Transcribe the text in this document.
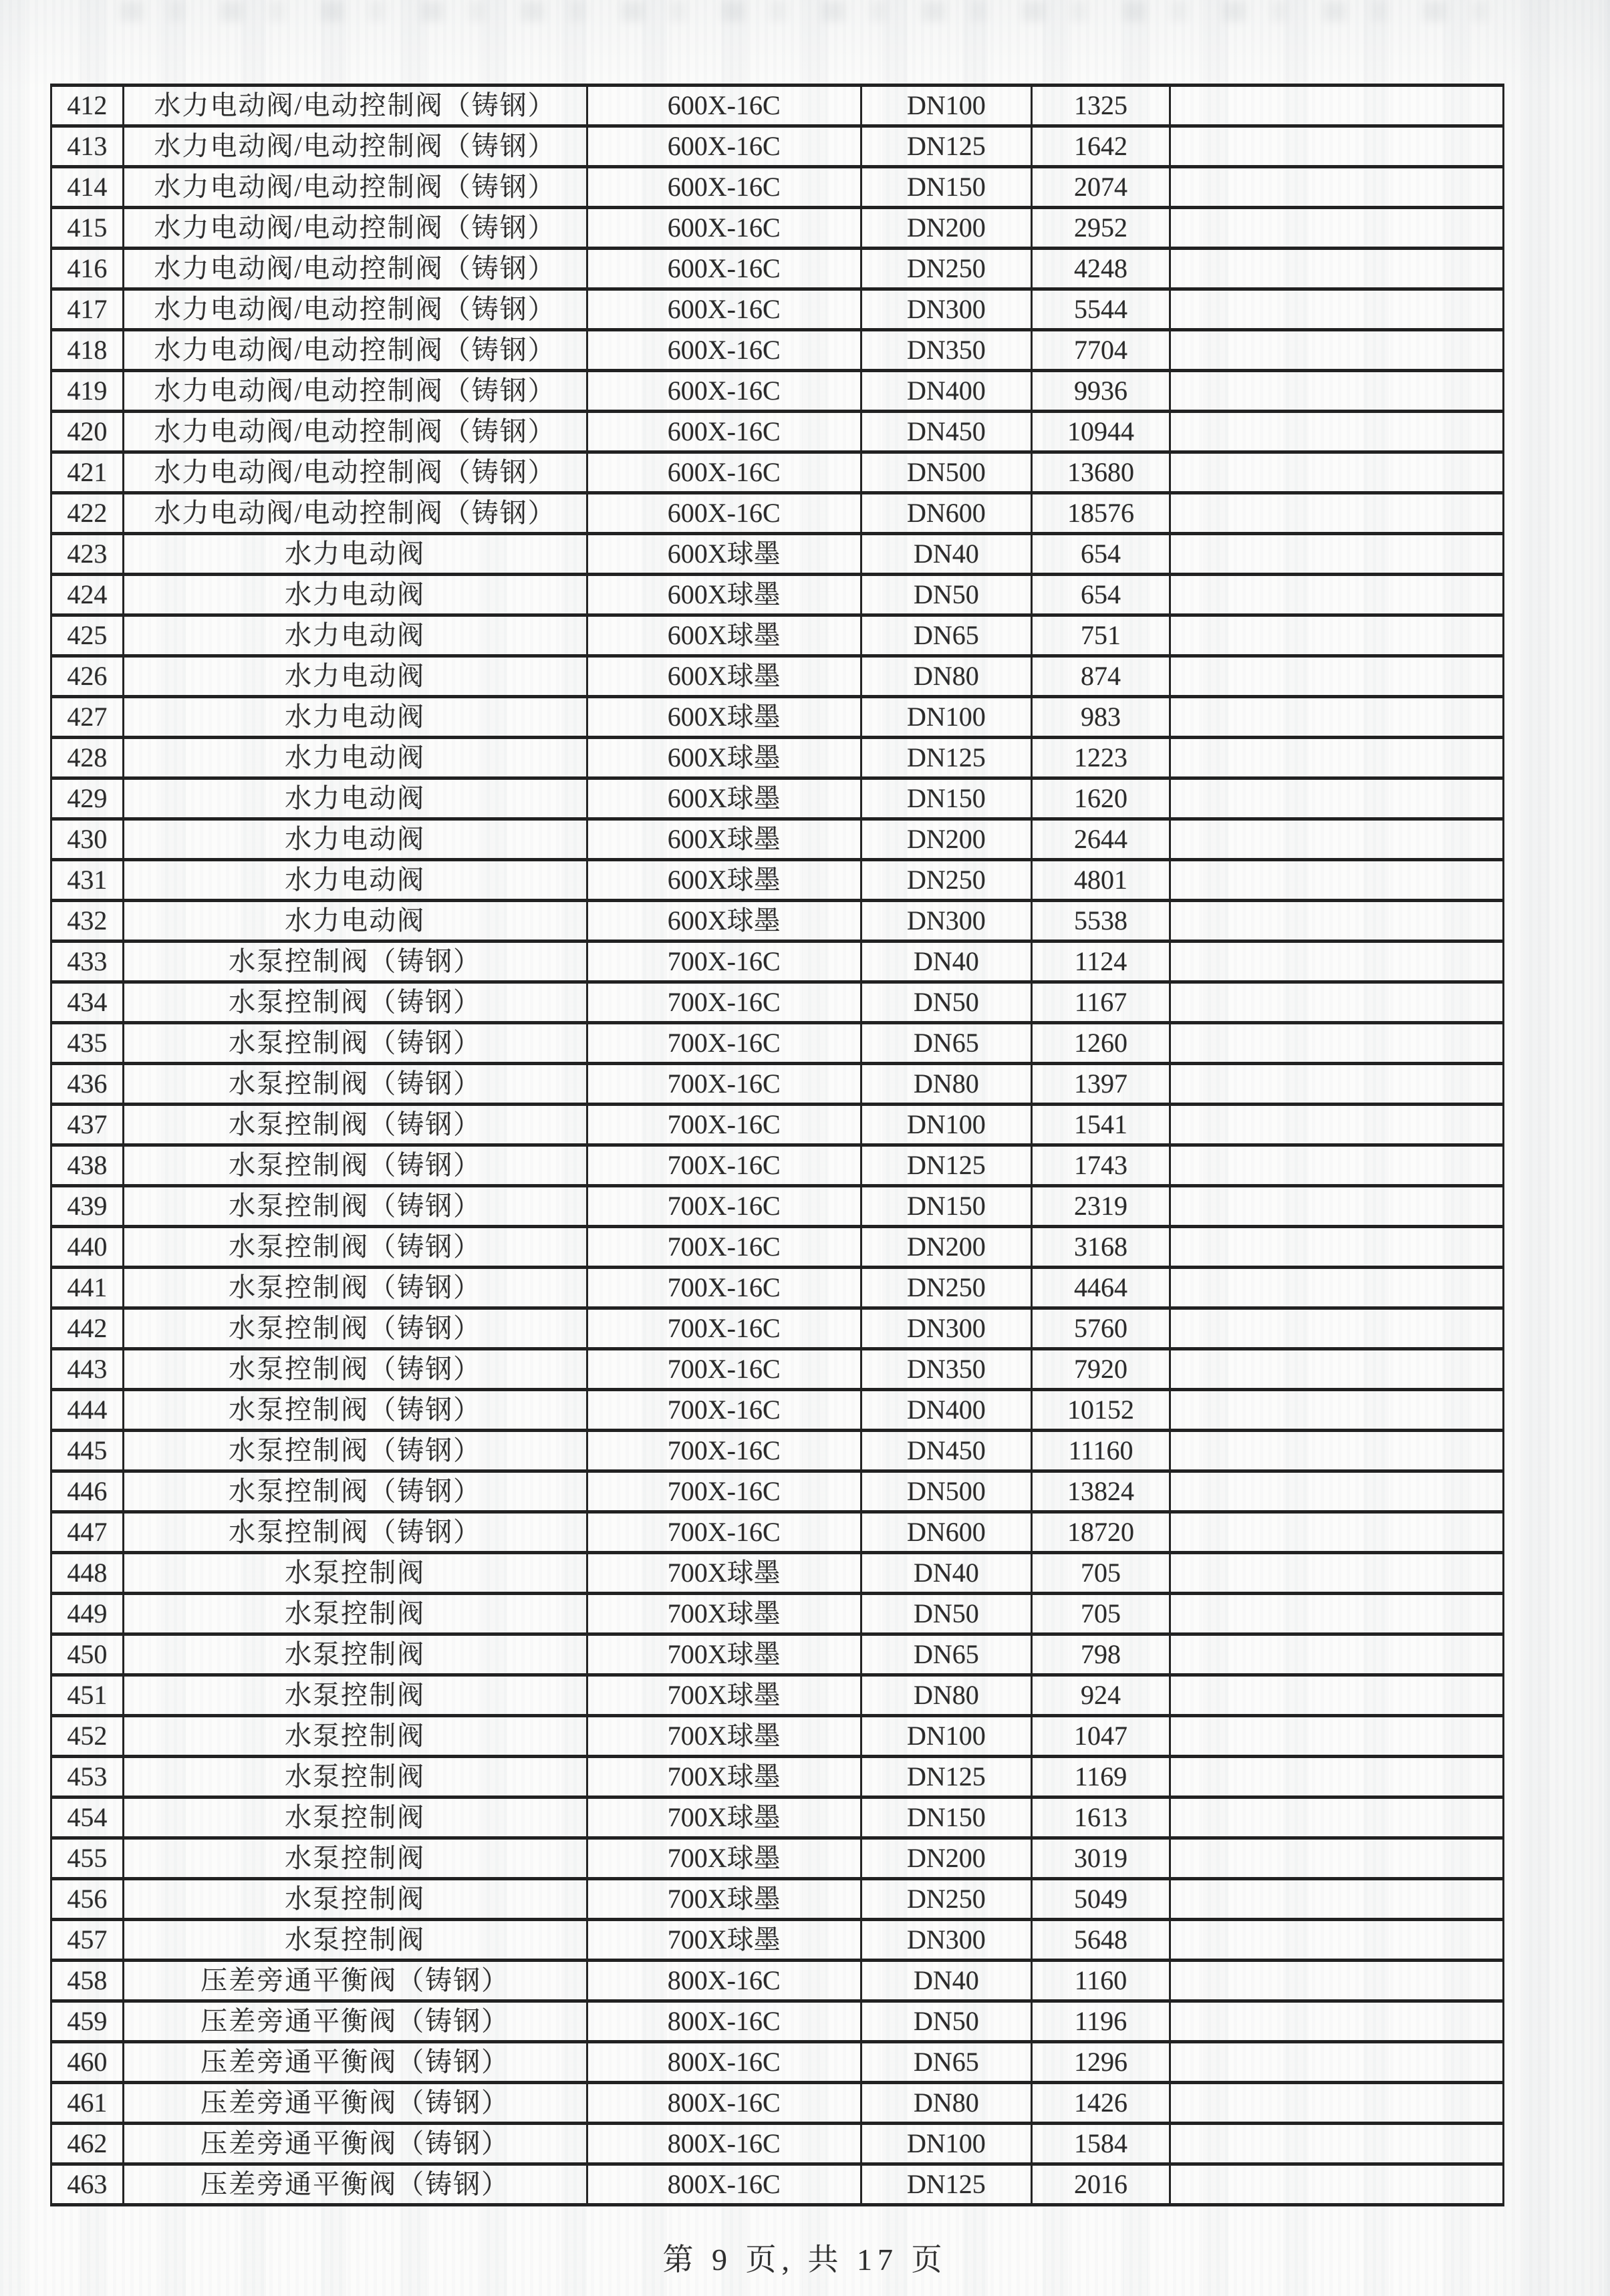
412	水力电动阀/电动控制阀（铸钢）	600X-16C	DN100	1325	
413	水力电动阀/电动控制阀（铸钢）	600X-16C	DN125	1642	
414	水力电动阀/电动控制阀（铸钢）	600X-16C	DN150	2074	
415	水力电动阀/电动控制阀（铸钢）	600X-16C	DN200	2952	
416	水力电动阀/电动控制阀（铸钢）	600X-16C	DN250	4248	
417	水力电动阀/电动控制阀（铸钢）	600X-16C	DN300	5544	
418	水力电动阀/电动控制阀（铸钢）	600X-16C	DN350	7704	
419	水力电动阀/电动控制阀（铸钢）	600X-16C	DN400	9936	
420	水力电动阀/电动控制阀（铸钢）	600X-16C	DN450	10944	
421	水力电动阀/电动控制阀（铸钢）	600X-16C	DN500	13680	
422	水力电动阀/电动控制阀（铸钢）	600X-16C	DN600	18576	
423	水力电动阀	600X球墨	DN40	654	
424	水力电动阀	600X球墨	DN50	654	
425	水力电动阀	600X球墨	DN65	751	
426	水力电动阀	600X球墨	DN80	874	
427	水力电动阀	600X球墨	DN100	983	
428	水力电动阀	600X球墨	DN125	1223	
429	水力电动阀	600X球墨	DN150	1620	
430	水力电动阀	600X球墨	DN200	2644	
431	水力电动阀	600X球墨	DN250	4801	
432	水力电动阀	600X球墨	DN300	5538	
433	水泵控制阀（铸钢）	700X-16C	DN40	1124	
434	水泵控制阀（铸钢）	700X-16C	DN50	1167	
435	水泵控制阀（铸钢）	700X-16C	DN65	1260	
436	水泵控制阀（铸钢）	700X-16C	DN80	1397	
437	水泵控制阀（铸钢）	700X-16C	DN100	1541	
438	水泵控制阀（铸钢）	700X-16C	DN125	1743	
439	水泵控制阀（铸钢）	700X-16C	DN150	2319	
440	水泵控制阀（铸钢）	700X-16C	DN200	3168	
441	水泵控制阀（铸钢）	700X-16C	DN250	4464	
442	水泵控制阀（铸钢）	700X-16C	DN300	5760	
443	水泵控制阀（铸钢）	700X-16C	DN350	7920	
444	水泵控制阀（铸钢）	700X-16C	DN400	10152	
445	水泵控制阀（铸钢）	700X-16C	DN450	11160	
446	水泵控制阀（铸钢）	700X-16C	DN500	13824	
447	水泵控制阀（铸钢）	700X-16C	DN600	18720	
448	水泵控制阀	700X球墨	DN40	705	
449	水泵控制阀	700X球墨	DN50	705	
450	水泵控制阀	700X球墨	DN65	798	
451	水泵控制阀	700X球墨	DN80	924	
452	水泵控制阀	700X球墨	DN100	1047	
453	水泵控制阀	700X球墨	DN125	1169	
454	水泵控制阀	700X球墨	DN150	1613	
455	水泵控制阀	700X球墨	DN200	3019	
456	水泵控制阀	700X球墨	DN250	5049	
457	水泵控制阀	700X球墨	DN300	5648	
458	压差旁通平衡阀（铸钢）	800X-16C	DN40	1160	
459	压差旁通平衡阀（铸钢）	800X-16C	DN50	1196	
460	压差旁通平衡阀（铸钢）	800X-16C	DN65	1296	
461	压差旁通平衡阀（铸钢）	800X-16C	DN80	1426	
462	压差旁通平衡阀（铸钢）	800X-16C	DN100	1584	
463	压差旁通平衡阀（铸钢）	800X-16C	DN125	2016	
第 9 页, 共 17 页
